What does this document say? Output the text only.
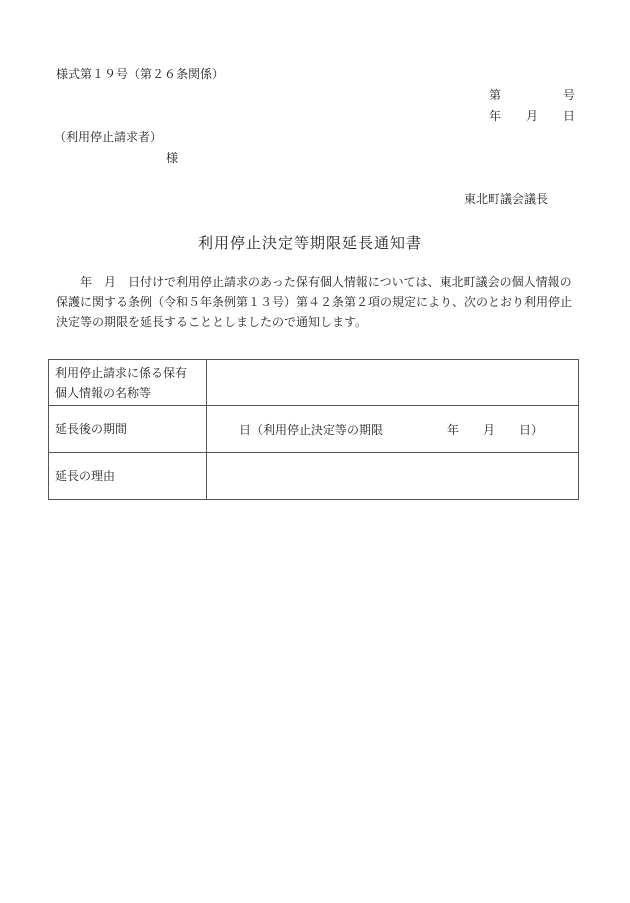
様式第１９号（第２６条関係）
第	号
年 月 日
（利用停止請求者）
様
東北町議会議長
利用停止決定等期限延長通知書
　　年　月　日付けで利用停止請求のあった保有個人情報については、東北町議会の個人情報の保護に関する条例（令和５年条例第１３号）第４２条第２項の規定により、次のとおり利用停止決定等の期限を延長することとしましたので通知します。
利用停止請求に係る保有
個人情報の名称等	

延長後の期間	日（利用停止決定等の期限 年 月 日）
延長の理由	
